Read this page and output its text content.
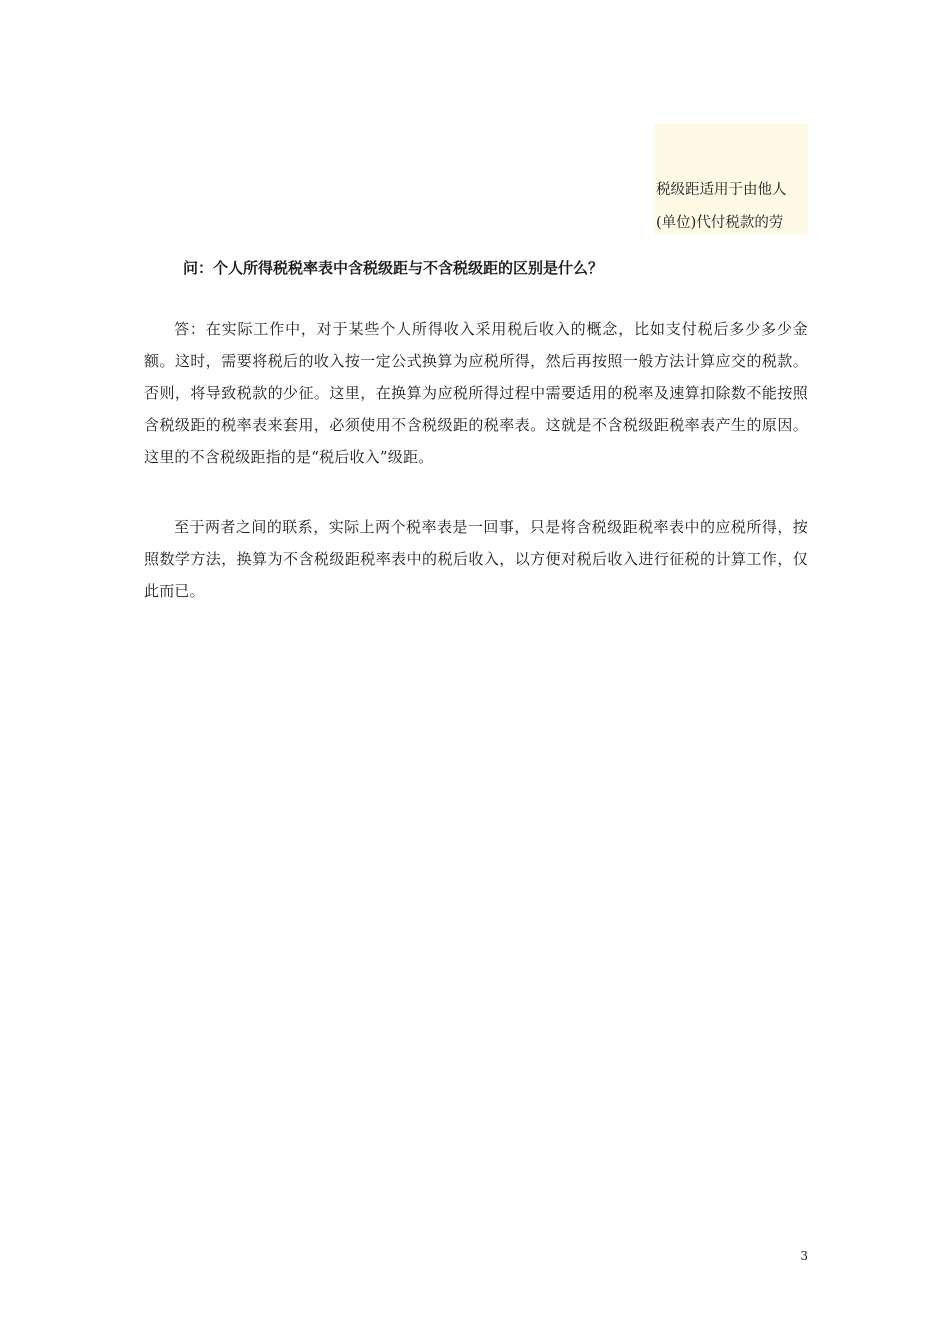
税级距适用于由他人
(单位)代付税款的劳
问：个人所得税税率表中含税级距与不含税级距的区别是什么？

答：在实际工作中，对于某些个人所得收入采用税后收入的概念，比如支付税后多少多少金额。这时，需要将税后的收入按一定公式换算为应税所得，然后再按照一般方法计算应交的税款。否则，将导致税款的少征。这里，在换算为应税所得过程中需要适用的税率及速算扣除数不能按照含税级距的税率表来套用，必须使用不含税级距的税率表。这就是不含税级距税率表产生的原因。这里的不含税级距指的是“税后收入”级距。

至于两者之间的联系，实际上两个税率表是一回事，只是将含税级距税率表中的应税所得，按照数学方法，换算为不含税级距税率表中的税后收入，以方便对税后收入进行征税的计算工作，仅此而已。

3
